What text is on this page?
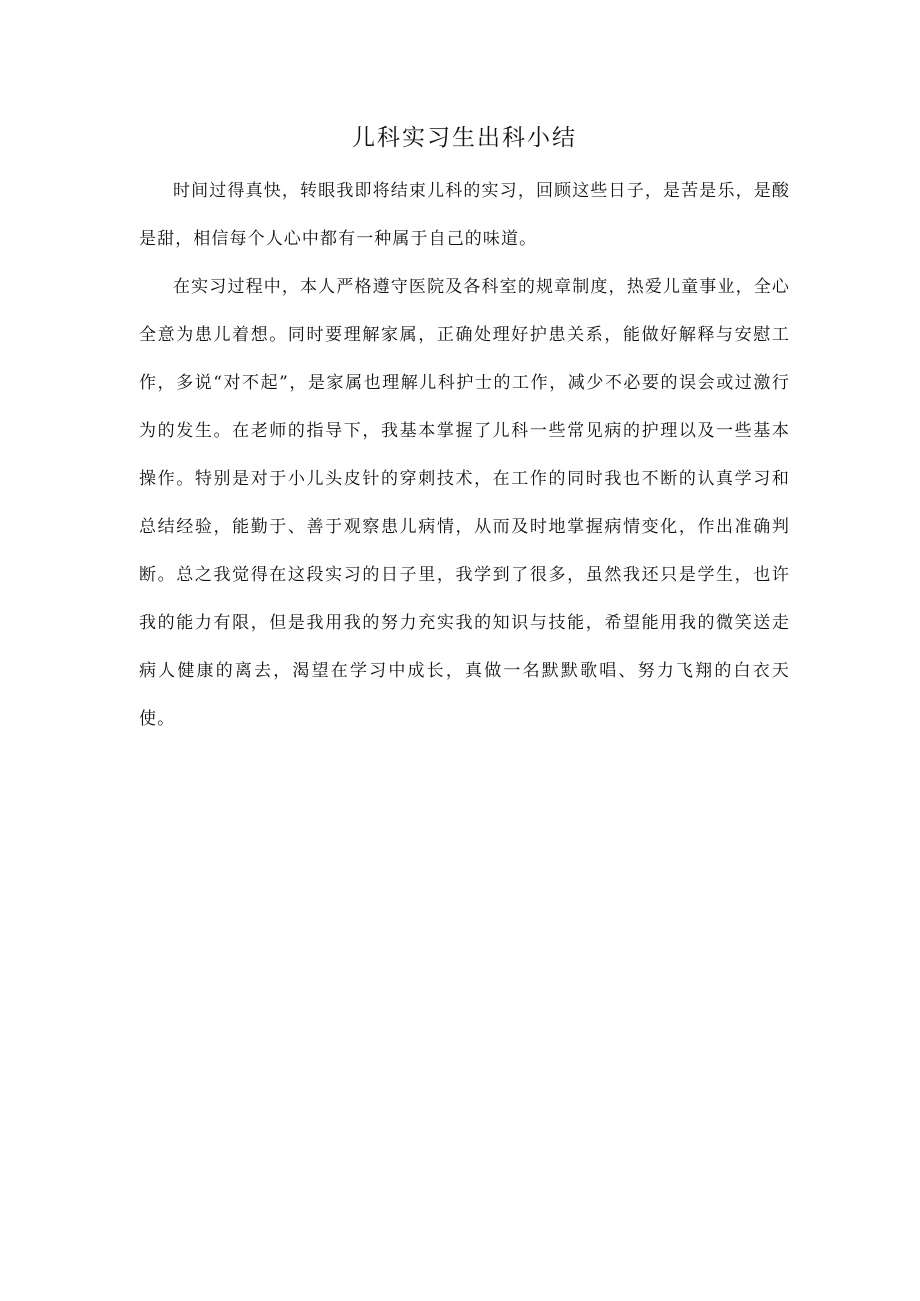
儿科实习生出科小结

时间过得真快，转眼我即将结束儿科的实习，回顾这些日子，是苦是乐，是酸是甜，相信每个人心中都有一种属于自己的味道。

在实习过程中，本人严格遵守医院及各科室的规章制度，热爱儿童事业，全心全意为患儿着想。同时要理解家属，正确处理好护患关系，能做好解释与安慰工作，多说“对不起”，是家属也理解儿科护士的工作，减少不必要的误会或过激行为的发生。在老师的指导下，我基本掌握了儿科一些常见病的护理以及一些基本操作。特别是对于小儿头皮针的穿刺技术，在工作的同时我也不断的认真学习和总结经验，能勤于、善于观察患儿病情，从而及时地掌握病情变化，作出准确判断。总之我觉得在这段实习的日子里，我学到了很多，虽然我还只是学生，也许我的能力有限，但是我用我的努力充实我的知识与技能，希望能用我的微笑送走病人健康的离去，渴望在学习中成长，真做一名默默歌唱、努力飞翔的白衣天使。
